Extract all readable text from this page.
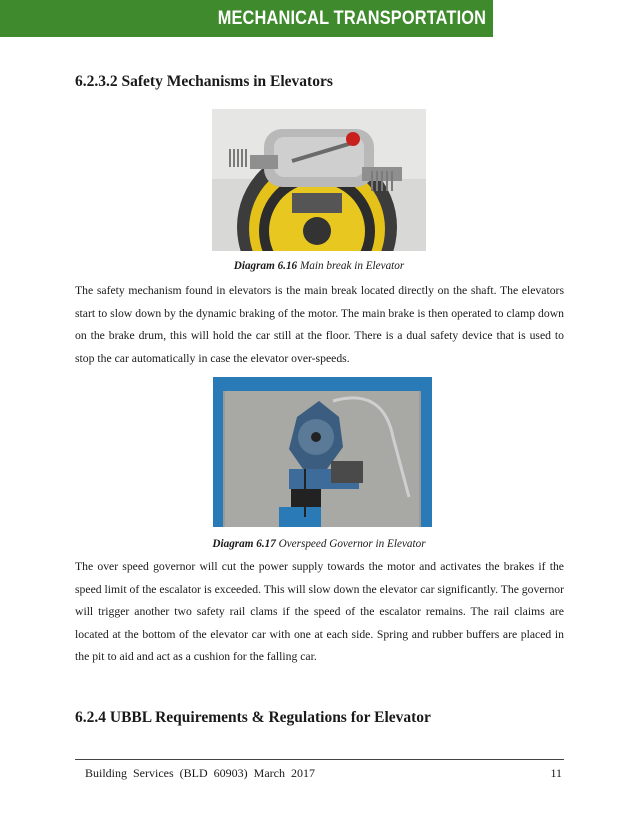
MECHANICAL TRANSPORTATION
6.2.3.2 Safety Mechanisms in Elevators
Diagram 6.16 Main break in Elevator

The safety mechanism found in elevators is the main break located directly on the shaft. The elevators start to slow down by the dynamic braking of the motor. The main brake is then operated to clamp down on the brake drum, this will hold the car still at the floor. There is a dual safety device that is used to stop the car automatically in case the elevator over-speeds.

Diagram 6.17 Overspeed Governor in Elevator

The over speed governor will cut the power supply towards the motor and activates the brakes if the speed limit of the escalator is exceeded. This will slow down the elevator car significantly. The governor will trigger another two safety rail clams if the speed of the escalator remains. The rail claims are located at the bottom of the elevator car with one at each side. Spring and rubber buffers are placed in the pit to aid and act as a cushion for the falling car.

6.2.4 UBBL Requirements & Regulations for Elevator
Building  Services  (BLD  60903)  March  2017	11
